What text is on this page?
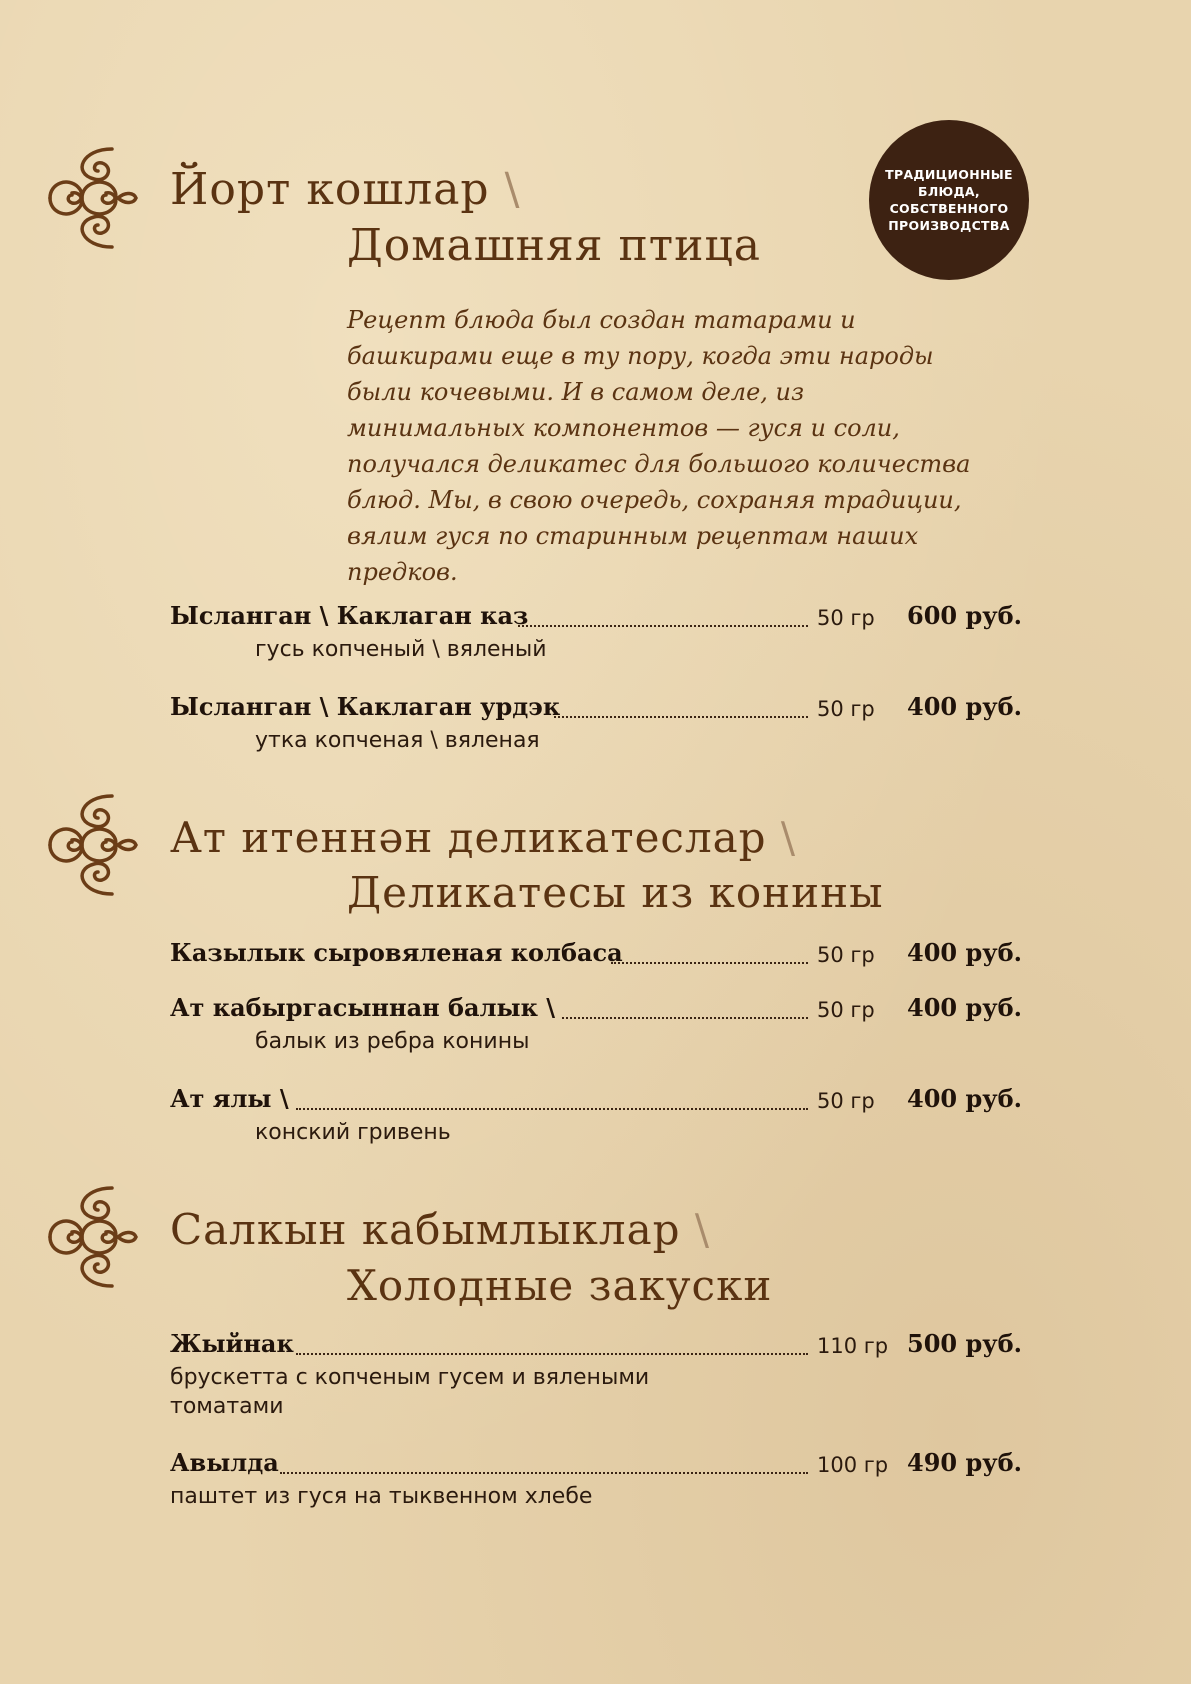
ТРАДИЦИОННЫЕ БЛЮДА, СОБСТВЕННОГО ПРОИЗВОДСТВА
Йорт кошлар \
Домашняя птица

Рецепт блюда был создан татарами и башкирами еще в ту пору, когда эти народы были кочевыми. И в самом деле, из минимальных компонентов — гуся и соли, получался деликатес для большого количества блюд. Мы, в свою очередь, сохраняя традиции, вялим гуся по старинным рецептам наших предков.

Ысланган \ Каклаган каз	50 гр 600 руб.

гусь копченый \ вяленый

Ысланган \ Каклаган урдэк	50 гр 400 руб.

утка копченая \ вяленая

Ат итеннән деликатеслар \
Деликатесы из конины
Казылык сыровяленая колбаса	50 гр 400 руб.
Ат кабыргасыннан балык \	50 гр 400 руб.

балык из ребра конины

Ат ялы \	50 гр 400 руб.

конский гривень

Салкын кабымлыклар \
Холодные закуски
Жыйнак	110 гр 500 руб.

брускетта с копченым гусем и вялеными томатами

Авылда	100 гр 490 руб.

паштет из гуся на тыквенном хлебе
